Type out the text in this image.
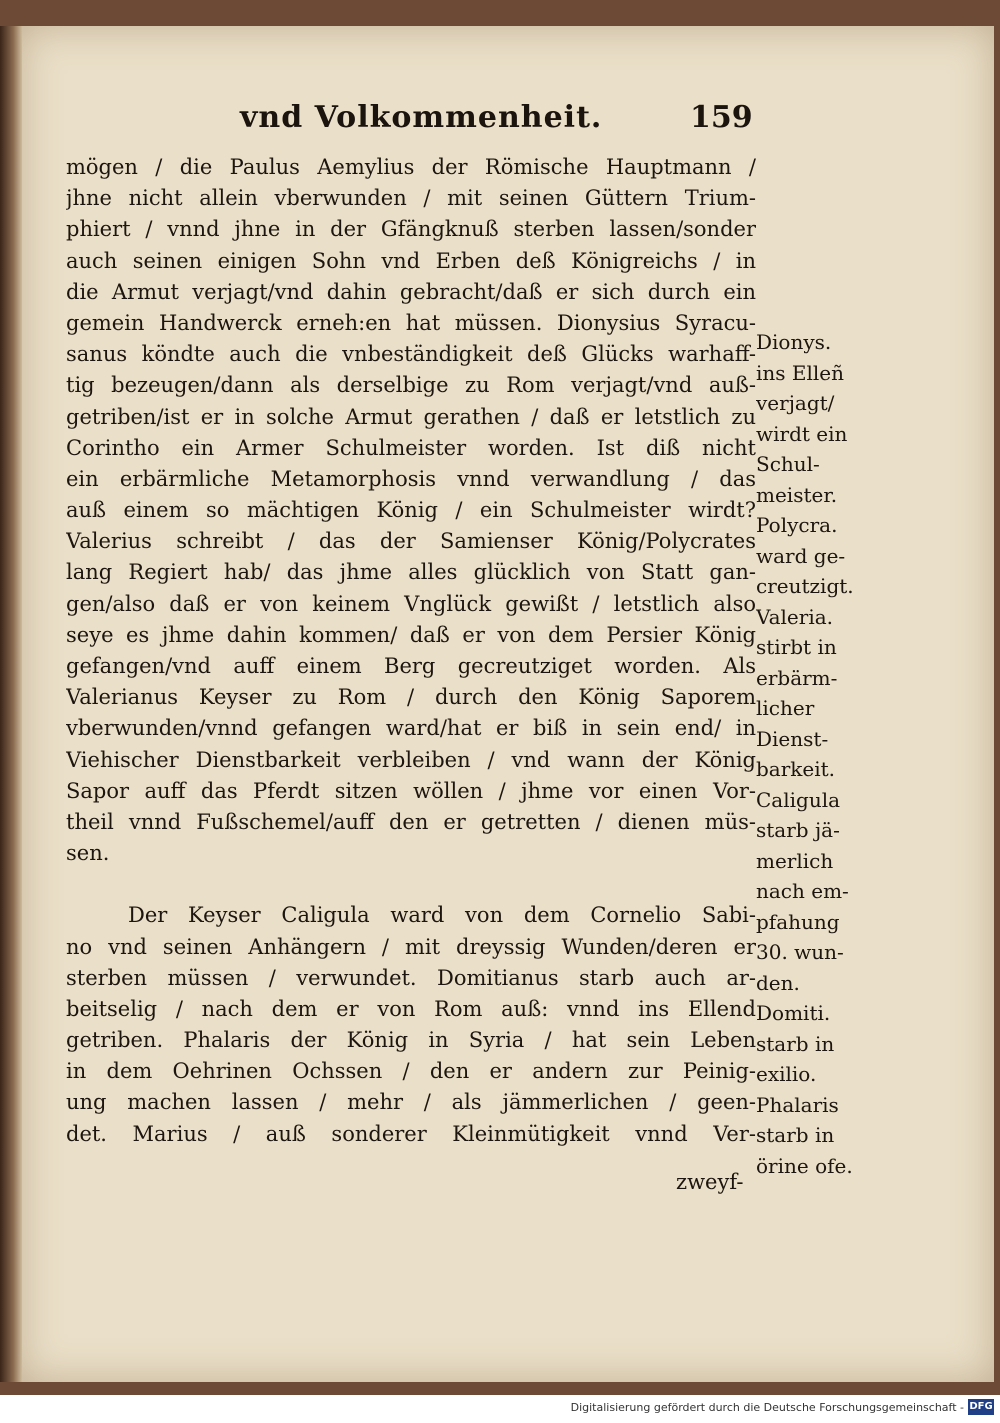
vnd Volkommenheit.	159
mögen / die Paulus Aemylius der Römische Hauptmann /
jhne nicht allein vberwunden / mit seinen Güttern Trium-
phiert / vnnd jhne in der Gfängknuß sterben lassen/sonder
auch seinen einigen Sohn vnd Erben deß Königreichs / in
die Armut verjagt/vnd dahin gebracht/daß er sich durch ein
gemein Handwerck erneh:en hat müssen. Dionysius Syracu-
sanus köndte auch die vnbeständigkeit deß Glücks warhaff-
tig bezeugen/dann als derselbige zu Rom verjagt/vnd auß-
getriben/ist er in solche Armut gerathen / daß er letstlich zu
Corintho ein Armer Schulmeister worden. Ist diß nicht
ein erbärmliche Metamorphosis vnnd verwandlung / das
auß einem so mächtigen König / ein Schulmeister wirdt?
Valerius schreibt / das der Samienser König/Polycrates
lang Regiert hab/ das jhme alles glücklich von Statt gan-
gen/also daß er von keinem Vnglück gewißt / letstlich also
seye es jhme dahin kommen/ daß er von dem Persier König
gefangen/vnd auff einem Berg gecreutziget worden. Als
Valerianus Keyser zu Rom / durch den König Saporem
vberwunden/vnnd gefangen ward/hat er biß in sein end/ in
Viehischer Dienstbarkeit verbleiben / vnd wann der König
Sapor auff das Pferdt sitzen wöllen / jhme vor einen Vor-
theil vnnd Fußschemel/auff den er getretten / dienen müs-
sen.
Der Keyser Caligula ward von dem Cornelio Sabi-
no vnd seinen Anhängern / mit dreyssig Wunden/deren er
sterben müssen / verwundet. Domitianus starb auch ar-
beitselig / nach dem er von Rom auß: vnnd ins Ellend
getriben. Phalaris der König in Syria / hat sein Leben
in dem Oehrinen Ochssen / den er andern zur Peinig-
ung machen lassen / mehr / als jämmerlichen / geen-
det. Marius / auß sonderer Kleinmütigkeit vnnd Ver-
zweyf-
Dionys.
ins Elleñ
verjagt/
wirdt ein
Schul-
meister.
Polycra.
ward ge-
creutzigt.
Valeria.
stirbt in
erbärm-
licher
Dienst-
barkeit.
Caligula
starb jä-
merlich
nach em-
pfahung
30. wun-
den.
Domiti.
starb in
exilio.
Phalaris
starb in
örine ofe.
Digitalisierung gefördert durch die Deutsche Forschungsgemeinschaft - DFG
